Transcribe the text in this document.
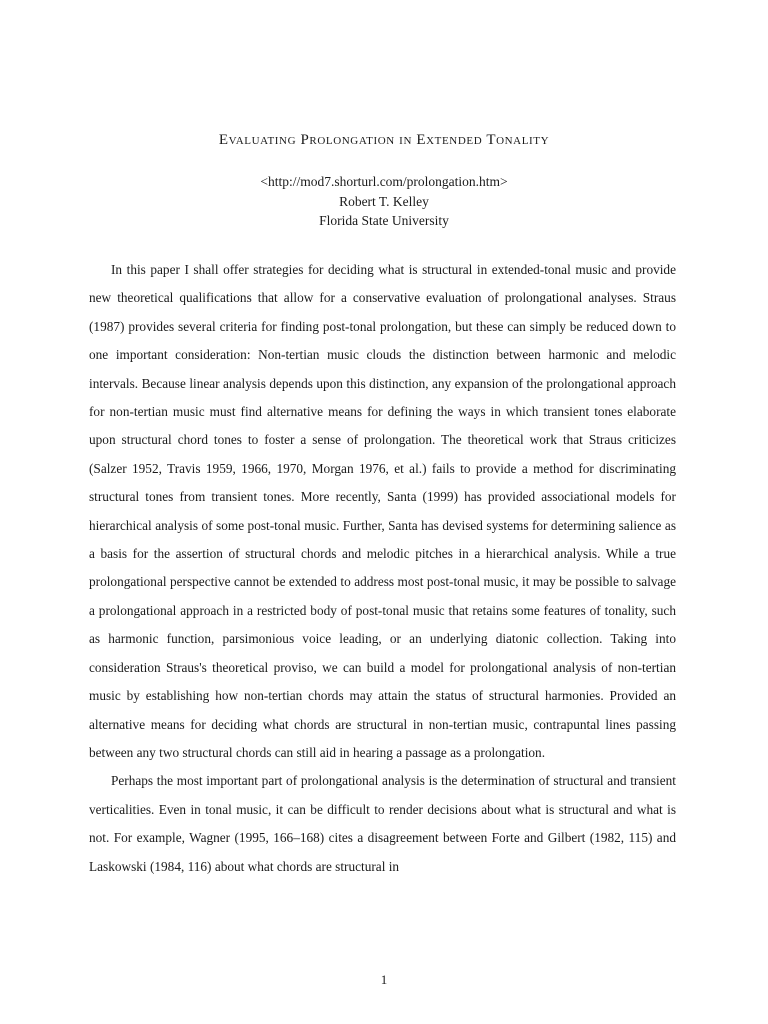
Evaluating Prolongation in Extended Tonality
<http://mod7.shorturl.com/prolongation.htm>
Robert T. Kelley
Florida State University

In this paper I shall offer strategies for deciding what is structural in extended-tonal music and provide new theoretical qualifications that allow for a conservative evaluation of prolongational analyses. Straus (1987) provides several criteria for finding post-tonal prolongation, but these can simply be reduced down to one important consideration: Non-tertian music clouds the distinction between harmonic and melodic intervals. Because linear analysis depends upon this distinction, any expansion of the prolongational approach for non-tertian music must find alternative means for defining the ways in which transient tones elaborate upon structural chord tones to foster a sense of prolongation. The theoretical work that Straus criticizes (Salzer 1952, Travis 1959, 1966, 1970, Morgan 1976, et al.) fails to provide a method for discriminating structural tones from transient tones. More recently, Santa (1999) has provided associational models for hierarchical analysis of some post-tonal music. Further, Santa has devised systems for determining salience as a basis for the assertion of structural chords and melodic pitches in a hierarchical analysis. While a true prolongational perspective cannot be extended to address most post-tonal music, it may be possible to salvage a prolongational approach in a restricted body of post-tonal music that retains some features of tonality, such as harmonic function, parsimonious voice leading, or an underlying diatonic collection. Taking into consideration Straus's theoretical proviso, we can build a model for prolongational analysis of non-tertian music by establishing how non-tertian chords may attain the status of structural harmonies. Provided an alternative means for deciding what chords are structural in non-tertian music, contrapuntal lines passing between any two structural chords can still aid in hearing a passage as a prolongation.

Perhaps the most important part of prolongational analysis is the determination of structural and transient verticalities. Even in tonal music, it can be difficult to render decisions about what is structural and what is not. For example, Wagner (1995, 166–168) cites a disagreement between Forte and Gilbert (1982, 115) and Laskowski (1984, 116) about what chords are structural in

1
